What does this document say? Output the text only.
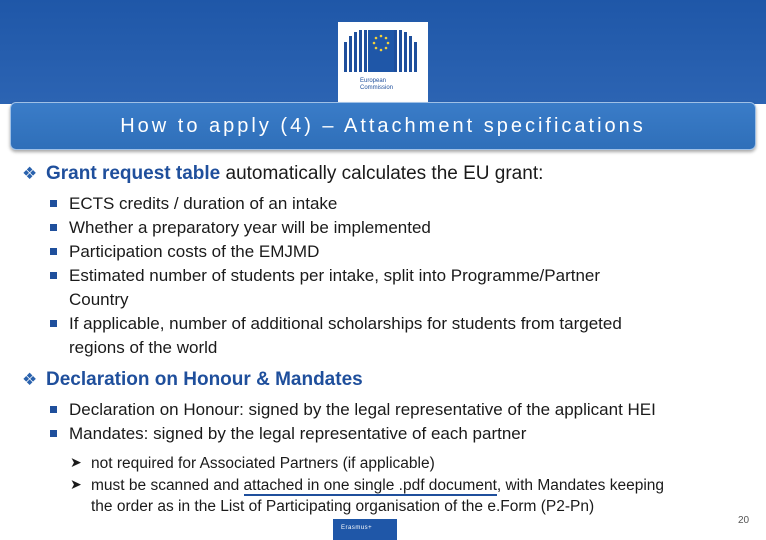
European Commission
How to apply (4) – Attachment specifications
❖ Grant request table automatically calculates the EU grant:
ECTS credits / duration of an intake
Whether a preparatory year will be implemented
Participation costs of the EMJMD
Estimated number of students per intake, split into Programme/Partner
Country
If applicable, number of additional scholarships for students from targeted
regions of the world
❖ Declaration on Honour & Mandates
Declaration on Honour: signed by the legal representative of the applicant HEI
Mandates: signed by the legal representative of each partner
➤ not required for Associated Partners (if applicable)
➤ must be scanned and attached in one single .pdf document, with Mandates keeping
the order as in the List of Participating organisation of the e.Form (P2-Pn)
20
Erasmus+
